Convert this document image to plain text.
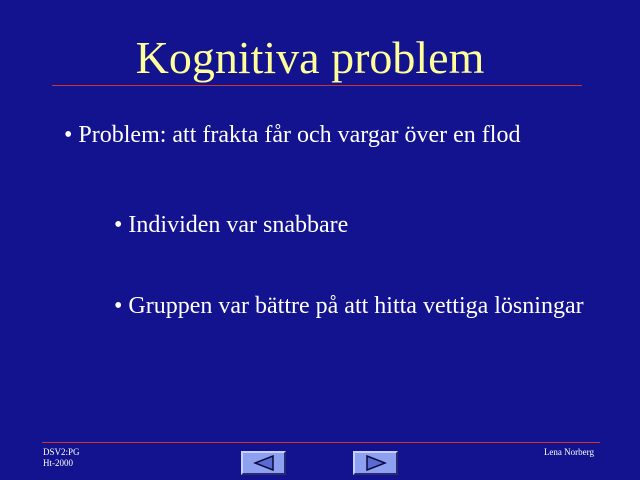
Kognitiva problem
• Problem: att frakta får och vargar över en flod
• Individen var snabbare
• Gruppen var bättre på att hitta vettiga lösningar
DSV2:PG
Ht-2000
Lena Norberg
